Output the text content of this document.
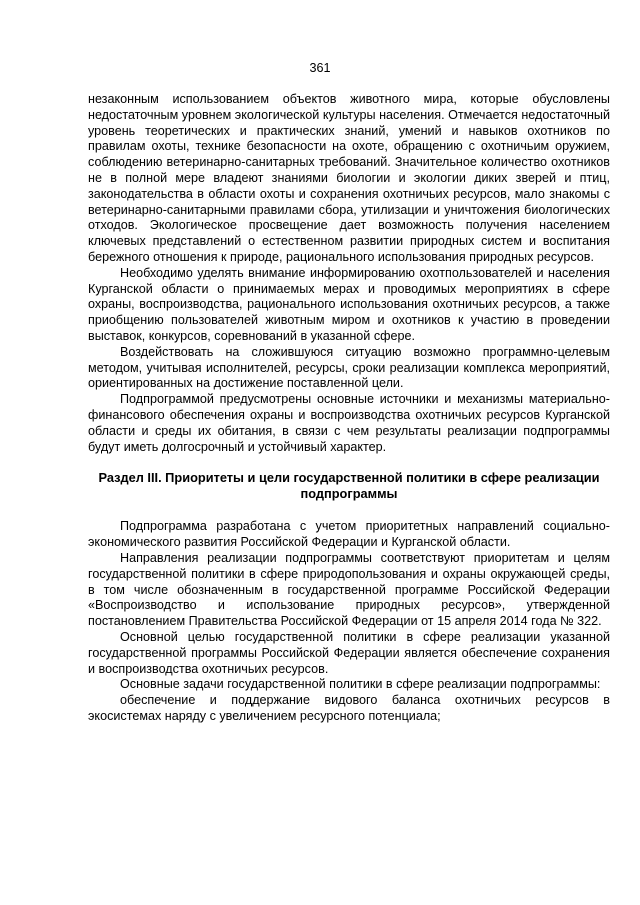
361

незаконным использованием объектов животного мира, которые обусловлены недостаточным уровнем экологической культуры населения. Отмечается недостаточный уровень теоретических и практических знаний, умений и навыков охотников по правилам охоты, технике безопасности на охоте, обращению с охотничьим оружием, соблюдению ветеринарно-санитарных требований. Значительное количество охотников не в полной мере владеют знаниями биологии и экологии диких зверей и птиц, законодательства в области охоты и сохранения охотничьих ресурсов, мало знакомы с ветеринарно-санитарными правилами сбора, утилизации и уничтожения биологических отходов. Экологическое просвещение дает возможность получения населением ключевых представлений о естественном развитии природных систем и воспитания бережного отношения к природе, рационального использования природных ресурсов.

Необходимо уделять внимание информированию охотпользователей и населения Курганской области о принимаемых мерах и проводимых мероприятиях в сфере охраны, воспроизводства, рационального использования охотничьих ресурсов, а также приобщению пользователей животным миром и охотников к участию в проведении выставок, конкурсов, соревнований в указанной сфере.

Воздействовать на сложившуюся ситуацию возможно программно-целевым методом, учитывая исполнителей, ресурсы, сроки реализации комплекса мероприятий, ориентированных на достижение поставленной цели.

Подпрограммой предусмотрены основные источники и механизмы материально-финансового обеспечения охраны и воспроизводства охотничьих ресурсов Курганской области и среды их обитания, в связи с чем результаты реализации подпрограммы будут иметь долгосрочный и устойчивый характер.

Раздел III. Приоритеты и цели государственной политики в сфере реализации подпрограммы

Подпрограмма разработана с учетом приоритетных направлений социально-экономического развития Российской Федерации и Курганской области.

Направления реализации подпрограммы соответствуют приоритетам и целям государственной политики в сфере природопользования и охраны окружающей среды, в том числе обозначенным в государственной программе Российской Федерации «Воспроизводство и использование природных ресурсов», утвержденной постановлением Правительства Российской Федерации от 15 апреля 2014 года № 322.

Основной целью государственной политики в сфере реализации указанной государственной программы Российской Федерации является обеспечение сохранения и воспроизводства охотничьих ресурсов.

Основные задачи государственной политики в сфере реализации подпрограммы:

обеспечение и поддержание видового баланса охотничьих ресурсов в экосистемах наряду с увеличением ресурсного потенциала;
